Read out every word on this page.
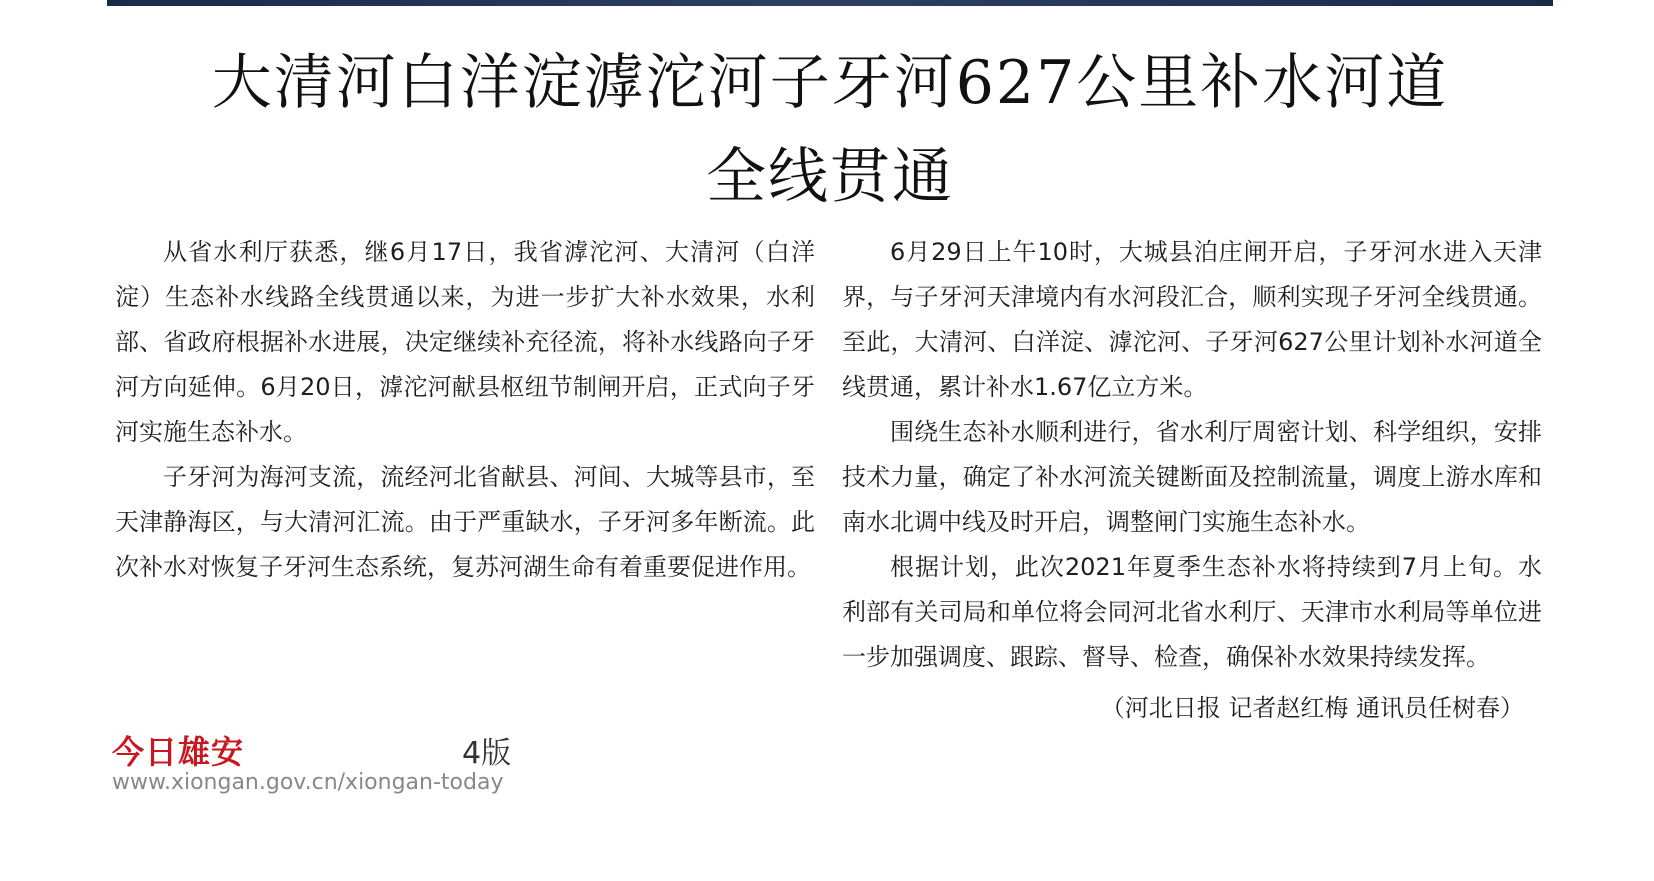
大清河白洋淀滹沱河子牙河627公里补水河道
全线贯通

从省水利厅获悉，继6月17日，我省滹沱河、大清河（白洋淀）生态补水线路全线贯通以来，为进一步扩大补水效果，水利部、省政府根据补水进展，决定继续补充径流，将补水线路向子牙河方向延伸。6月20日，滹沱河献县枢纽节制闸开启，正式向子牙河实施生态补水。

子牙河为海河支流，流经河北省献县、河间、大城等县市，至天津静海区，与大清河汇流。由于严重缺水，子牙河多年断流。此次补水对恢复子牙河生态系统，复苏河湖生命有着重要促进作用。

6月29日上午10时，大城县泊庄闸开启，子牙河水进入天津界，与子牙河天津境内有水河段汇合，顺利实现子牙河全线贯通。至此，大清河、白洋淀、滹沱河、子牙河627公里计划补水河道全线贯通，累计补水1.67亿立方米。

围绕生态补水顺利进行，省水利厅周密计划、科学组织，安排技术力量，确定了补水河流关键断面及控制流量，调度上游水库和南水北调中线及时开启，调整闸门实施生态补水。

根据计划，此次2021年夏季生态补水将持续到7月上旬。水利部有关司局和单位将会同河北省水利厅、天津市水利局等单位进一步加强调度、跟踪、督导、检查，确保补水效果持续发挥。

（河北日报 记者赵红梅 通讯员任树春）

今日雄安	4版
www.xiongan.gov.cn/xiongan-today
